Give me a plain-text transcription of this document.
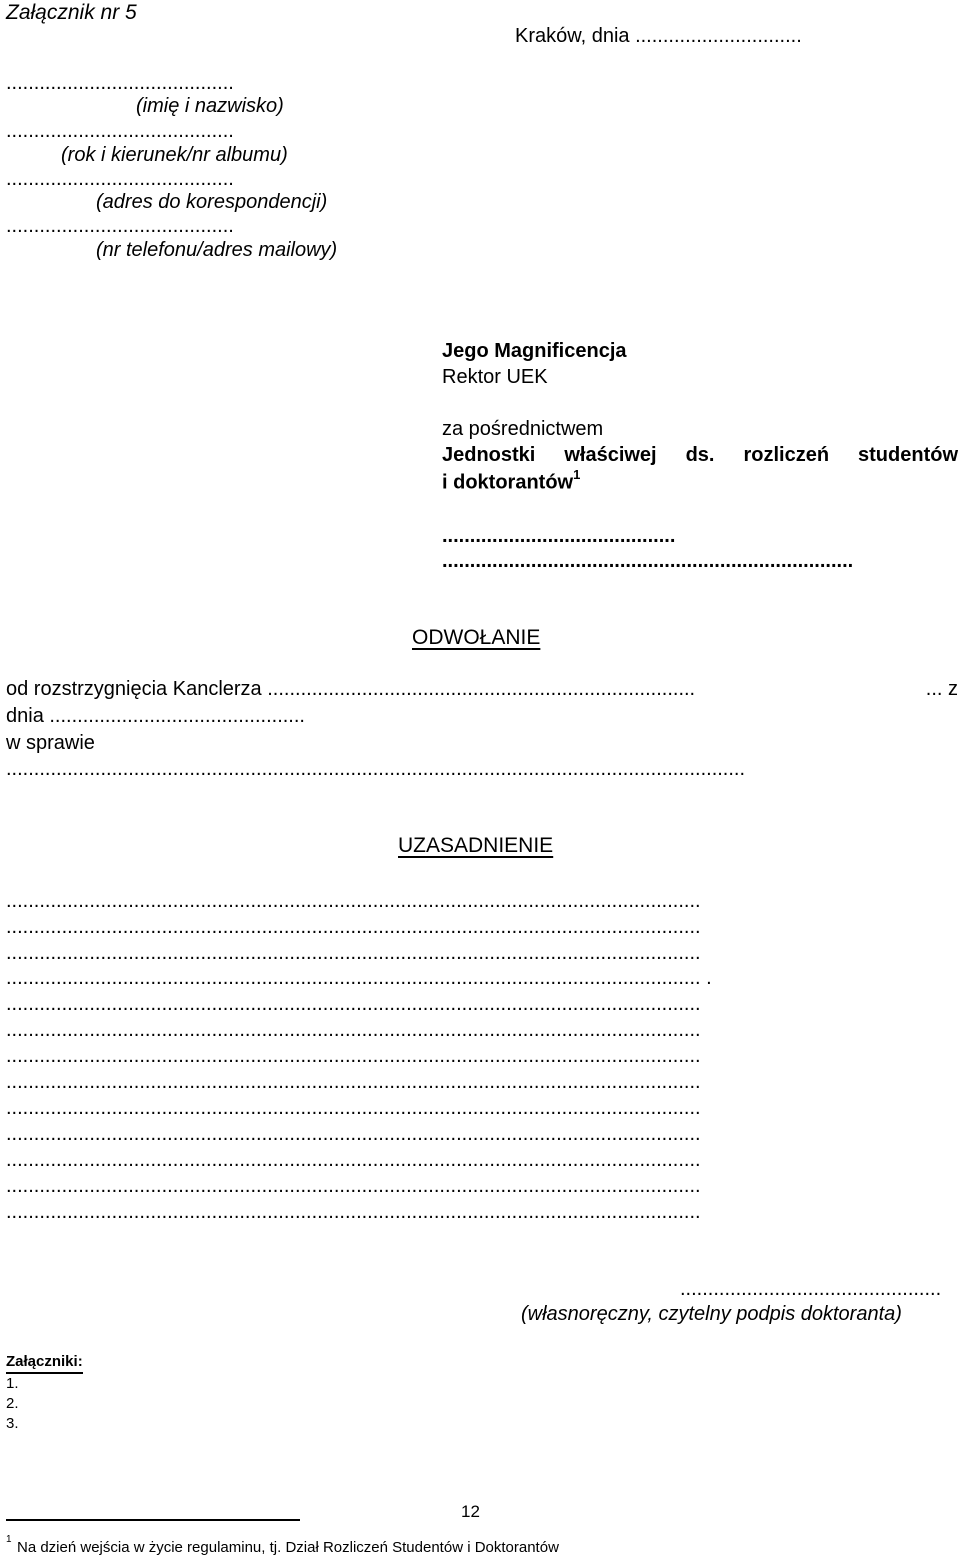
Załącznik nr 5
Kraków, dnia ..............................
.........................................
(imię i nazwisko)
.........................................
(rok i kierunek/nr albumu)
.........................................
(adres do korespondencji)
.........................................
(nr telefonu/adres mailowy)
Jego Magnificencja
Rektor UEK
za pośrednictwem
Jednostki właściwej ds. rozliczeń studentów
i doktorantów$^1$
..........................................
..........................................................................
ODWOŁANIE
od rozstrzygnięcia Kanclerza .............................................................................	... z
dnia ..............................................
w sprawie
.....................................................................................................................................
UZASADNIENIE
.............................................................................................................................
.............................................................................................................................
.............................................................................................................................
............................................................................................................................. .
.............................................................................................................................
.............................................................................................................................
.............................................................................................................................
.............................................................................................................................
.............................................................................................................................
.............................................................................................................................
.............................................................................................................................
.............................................................................................................................
.............................................................................................................................
...............................................
(własnoręczny, czytelny podpis doktoranta)
Załączniki:
1.
2.
3.
12
1 Na dzień wejścia w życie regulaminu, tj. Dział Rozliczeń Studentów i Doktorantów
